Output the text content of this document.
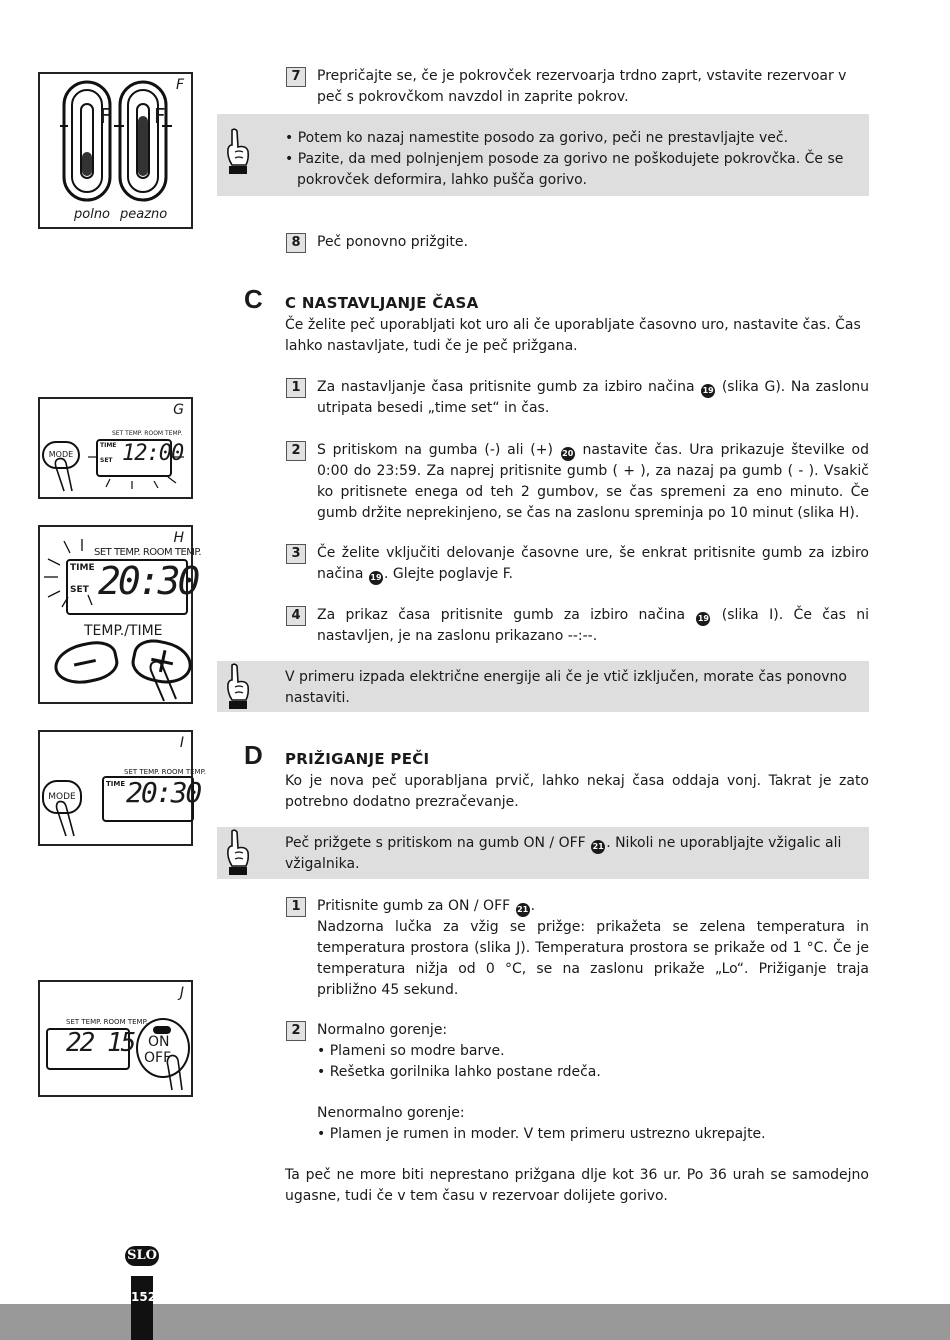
F
F F
polno peazno
G
MODE
SET TEMP. ROOM TEMP.
TIME
SET 12:00
H
SET TEMP. ROOM TEMP.
TIME
SET 20:30
TEMP./TIME
I
MODE
SET TEMP. ROOM TEMP.
TIME 20:30
J
SET TEMP. ROOM TEMP.
22 15 ON
OFF
7	Prepričajte se, če je pokrovček rezervoarja trdno zaprt, vstavite rezervoar v peč s pokrovčkom navzdol in zaprite pokrov.
• Potem ko nazaj namestite posodo za gorivo, peči ne prestavljajte več.
• Pazite, da med polnjenjem posode za gorivo ne poškodujete pokrovčka. Če se pokrovček deformira, lahko pušča gorivo.
8	Peč ponovno prižgite.
C C NASTAVLJANJE ČASA
Če želite peč uporabljati kot uro ali če uporabljate časovno uro, nastavite čas. Čas lahko nastavljate, tudi če je peč prižgana.
1	Za nastavljanje časa pritisnite gumb za izbiro načina 19 (slika G). Na zaslonu utripata besedi „time set“ in čas.
2	S pritiskom na gumba (-) ali (+) 20 nastavite čas. Ura prikazuje številke od 0:00 do 23:59. Za naprej pritisnite gumb ( + ), za nazaj pa gumb ( - ). Vsakič ko pritisnete enega od teh 2 gumbov, se čas spremeni za eno minuto. Če gumb držite neprekinjeno, se čas na zaslonu spreminja po 10 minut (slika H).
3	Če želite vključiti delovanje časovne ure, še enkrat pritisnite gumb za izbiro načina 19 . Glejte poglavje F.
4	Za prikaz časa pritisnite gumb za izbiro načina 19 (slika I). Če čas ni nastavljen, je na zaslonu prikazano --:--.
V primeru izpada električne energije ali če je vtič izključen, morate čas ponovno nastaviti.
D PRIŽIGANJE PEČI
Ko je nova peč uporabljana prvič, lahko nekaj časa oddaja vonj. Takrat je zato potrebno dodatno prezračevanje.
Peč prižgete s pritiskom na gumb ON / OFF 21 . Nikoli ne uporabljajte vžigalic ali vžigalnika.
1	Pritisnite gumb za ON / OFF 21 .
Nadzorna lučka za vžig se prižge: prikažeta se zelena temperatura in temperatura prostora (slika J). Temperatura prostora se prikaže od 1 °C. Če je temperatura nižja od 0 °C, se na zaslonu prikaže „Lo“. Prižiganje traja približno 45 sekund.
2	Normalno gorenje:
• Plameni so modre barve.
• Rešetka gorilnika lahko postane rdeča.
Nenormalno gorenje:
• Plamen je rumen in moder. V tem primeru ustrezno ukrepajte.
Ta peč ne more biti neprestano prižgana dlje kot 36 ur. Po 36 urah se samodejno ugasne, tudi če v tem času v rezervoar dolijete gorivo.
SLO
152
